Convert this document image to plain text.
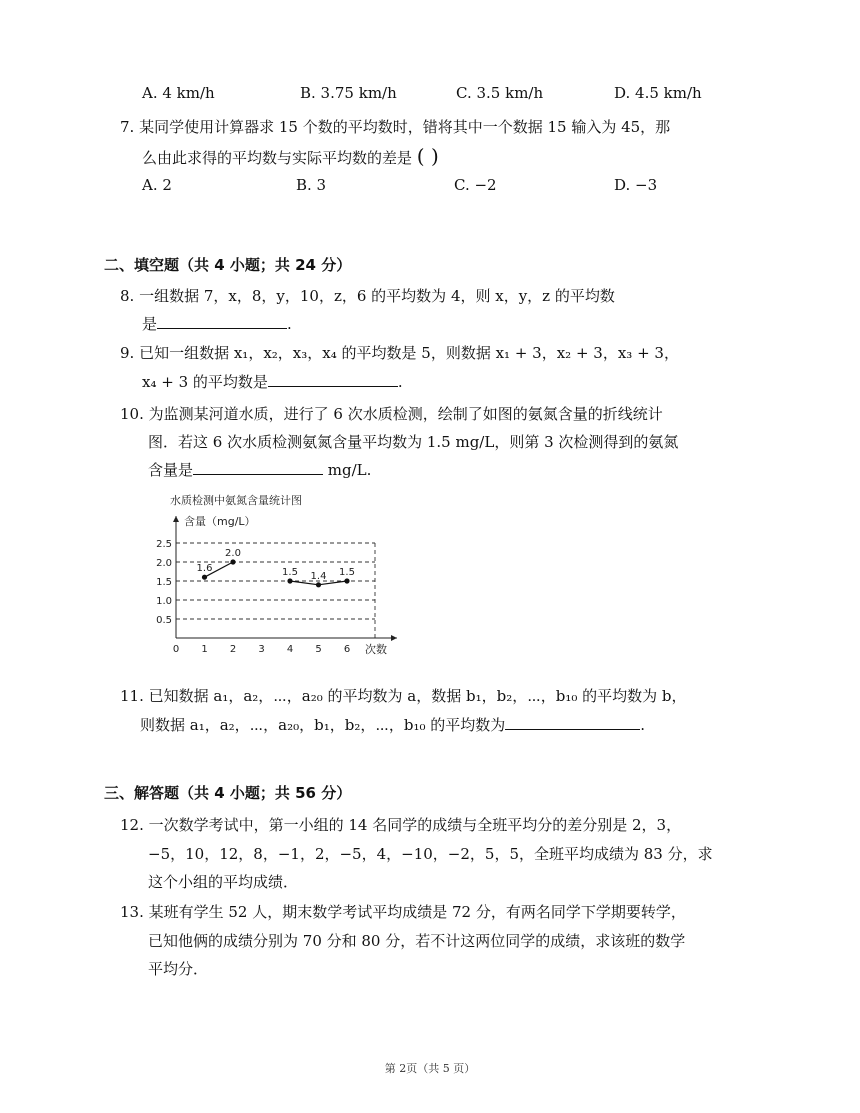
A. 4 km/h	B. 3.75 km/h	C. 3.5 km/h	D. 4.5 km/h
7. 某同学使用计算器求 15 个数的平均数时，错将其中一个数据 15 输入为 45，那
么由此求得的平均数与实际平均数的差是 ( )
A. 2	B. 3	C. −2	D. −3
二、填空题（共 4 小题；共 24 分）
8. 一组数据 7，x，8，y，10，z，6 的平均数为 4，则 x，y，z 的平均数
是	.
9. 已知一组数据 x₁，x₂，x₃，x₄ 的平均数是 5，则数据 x₁ + 3，x₂ + 3，x₃ + 3，
x₄ + 3 的平均数是	.
10. 为监测某河道水质，进行了 6 次水质检测，绘制了如图的氨氮含量的折线统计
图．若这 6 次水质检测氨氮含量平均数为 1.5 mg/L，则第 3 次检测得到的氨氮
含量是	mg/L.
水质检测中氨氮含量统计图
含量（mg/L）
次数
0.5
1.0
1.5
2.0
2.5
0 1 2 3 4 5 6
1.6
2.0
1.5 1.4 1.5
11. 已知数据 a₁，a₂，⋯，a₂₀ 的平均数为 a，数据 b₁，b₂，⋯，b₁₀ 的平均数为 b，
则数据 a₁，a₂，⋯，a₂₀，b₁，b₂，⋯，b₁₀ 的平均数为	.
三、解答题（共 4 小题；共 56 分）
12. 一次数学考试中，第一小组的 14 名同学的成绩与全班平均分的差分别是 2，3，
−5，10，12，8，−1，2，−5，4，−10，−2，5，5，全班平均成绩为 83 分，求
这个小组的平均成绩．
13. 某班有学生 52 人，期末数学考试平均成绩是 72 分，有两名同学下学期要转学，
已知他俩的成绩分别为 70 分和 80 分，若不计这两位同学的成绩，求该班的数学
平均分．
第 2页（共 5 页）
